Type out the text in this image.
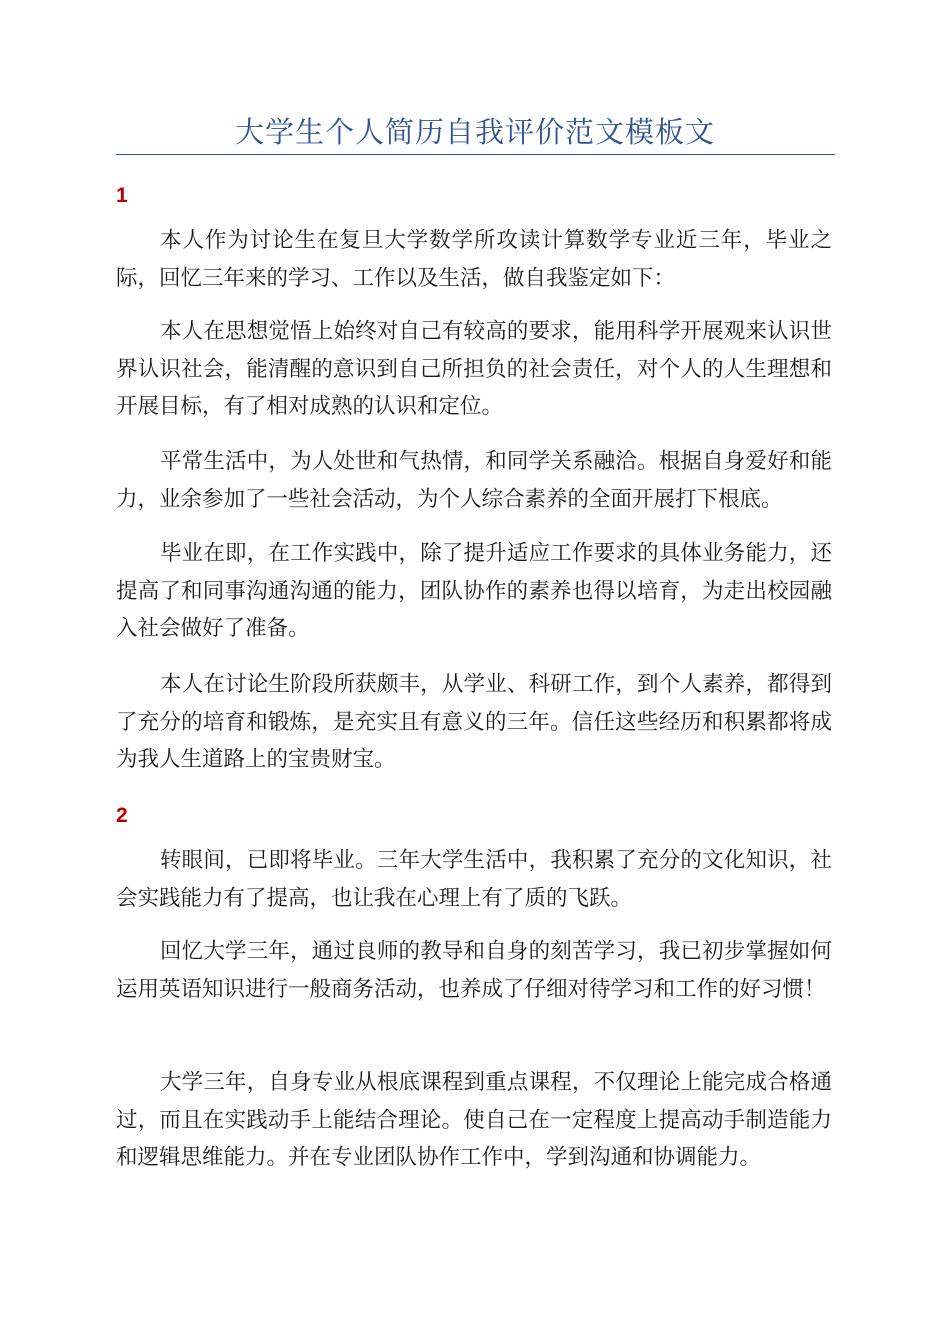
大学生个人简历自我评价范文模板文
1

本人作为讨论生在复旦大学数学所攻读计算数学专业近三年，毕业之际，回忆三年来的学习、工作以及生活，做自我鉴定如下：

本人在思想觉悟上始终对自己有较高的要求，能用科学开展观来认识世界认识社会，能清醒的意识到自己所担负的社会责任，对个人的人生理想和开展目标，有了相对成熟的认识和定位。

平常生活中，为人处世和气热情，和同学关系融洽。根据自身爱好和能力，业余参加了一些社会活动，为个人综合素养的全面开展打下根底。

毕业在即，在工作实践中，除了提升适应工作要求的具体业务能力，还提高了和同事沟通沟通的能力，团队协作的素养也得以培育，为走出校园融入社会做好了准备。

本人在讨论生阶段所获颇丰，从学业、科研工作，到个人素养，都得到了充分的培育和锻炼，是充实且有意义的三年。信任这些经历和积累都将成为我人生道路上的宝贵财宝。

2

转眼间，已即将毕业。三年大学生活中，我积累了充分的文化知识，社会实践能力有了提高，也让我在心理上有了质的飞跃。

回忆大学三年，通过良师的教导和自身的刻苦学习，我已初步掌握如何运用英语知识进行一般商务活动，也养成了仔细对待学习和工作的好习惯！

大学三年，自身专业从根底课程到重点课程，不仅理论上能完成合格通过，而且在实践动手上能结合理论。使自己在一定程度上提高动手制造能力和逻辑思维能力。并在专业团队协作工作中，学到沟通和协调能力。
